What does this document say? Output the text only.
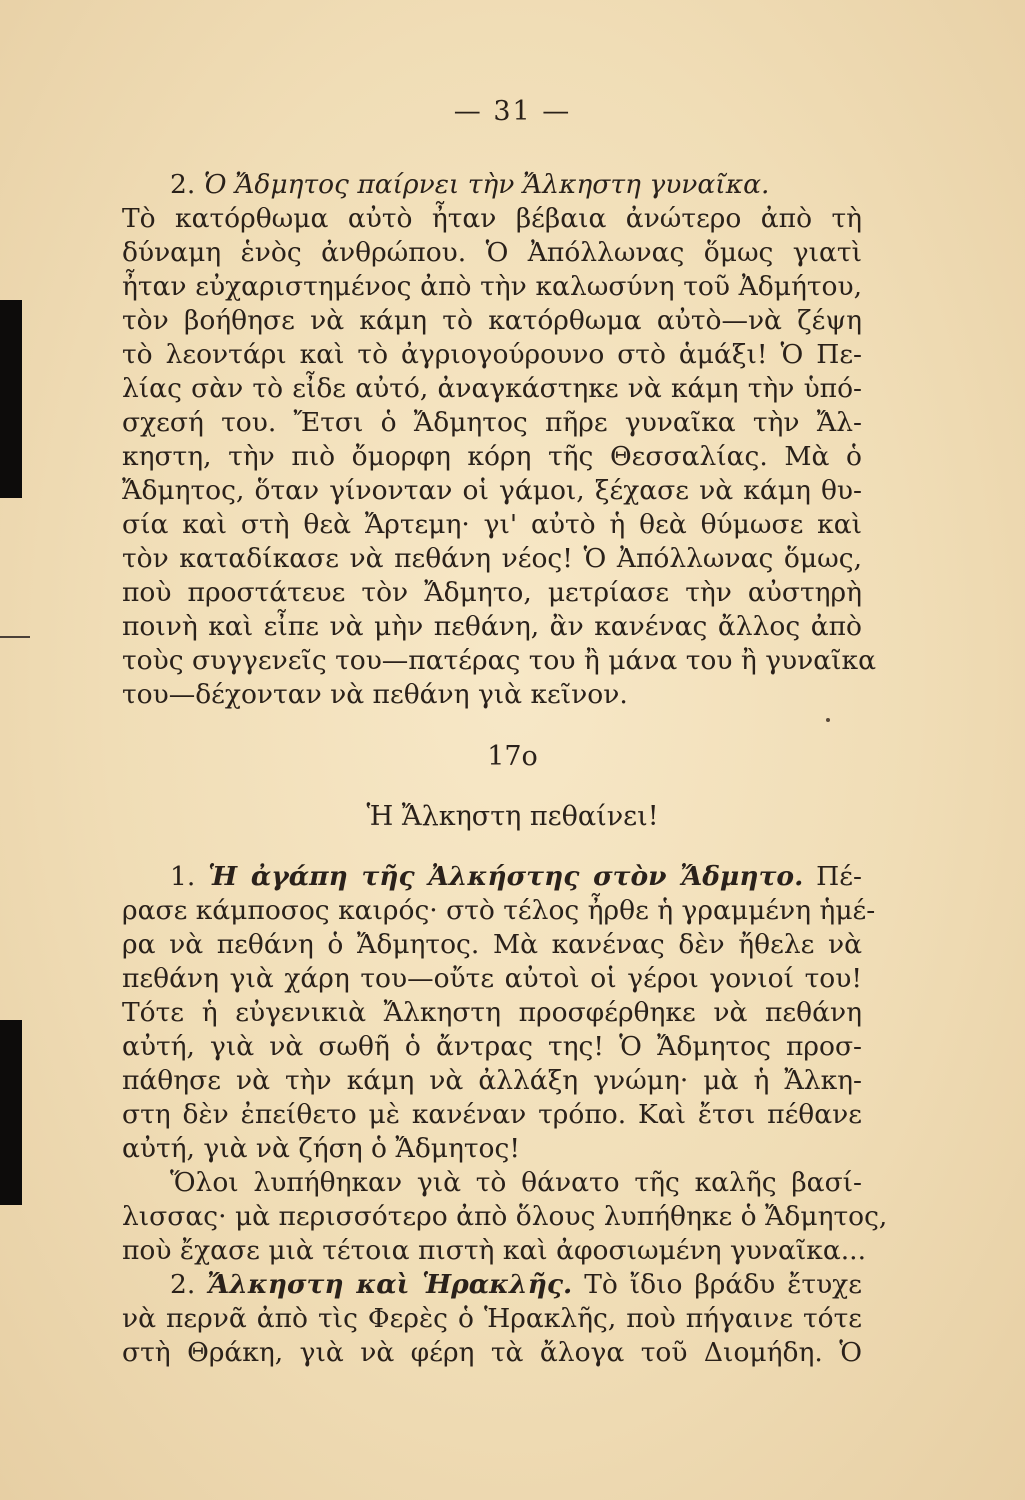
— 31 —
2. Ὁ Ἄδμητος παίρνει τὴν Ἄλκηστη γυναῖκα.
Τὸ κατόρθωμα αὐτὸ ἦταν βέβαια ἀνώτερο ἀπὸ τὴ
δύναμη ἑνὸς ἀνθρώπου. Ὁ Ἀπόλλωνας ὅμως γιατὶ
ἦταν εὐχαριστημένος ἀπὸ τὴν καλωσύνη τοῦ Ἀδμήτου,
τὸν βοήθησε νὰ κάμη τὸ κατόρθωμα αὐτὸ—νὰ ζέψη
τὸ λεοντάρι καὶ τὸ ἀγριογούρουνο στὸ ἁμάξι! Ὁ Πε-
λίας σὰν τὸ εἶδε αὐτό, ἀναγκάστηκε νὰ κάμη τὴν ὑπό-
σχεσή του. Ἔτσι ὁ Ἄδμητος πῆρε γυναῖκα τὴν Ἄλ-
κηστη, τὴν πιὸ ὄμορφη κόρη τῆς Θεσσαλίας. Μὰ ὁ
Ἄδμητος, ὅταν γίνονταν οἱ γάμοι, ξέχασε νὰ κάμη θυ-
σία καὶ στὴ θεὰ Ἄρτεμη· γι' αὐτὸ ἡ θεὰ θύμωσε καὶ
τὸν καταδίκασε νὰ πεθάνη νέος! Ὁ Ἀπόλλωνας ὅμως,
ποὺ προστάτευε τὸν Ἄδμητο, μετρίασε τὴν αὐστηρὴ
ποινὴ καὶ εἶπε νὰ μὴν πεθάνη, ἂν κανένας ἄλλος ἀπὸ
τοὺς συγγενεῖς του—πατέρας του ἢ μάνα του ἢ γυναῖκα
του—δέχονταν νὰ πεθάνη γιὰ κεῖνον.
17ο
Ἡ Ἄλκηστη πεθαίνει!
1. Ἡ ἀγάπη τῆς Ἀλκήστης στὸν Ἄδμητο. Πέ-
ρασε κάμποσος καιρός· στὸ τέλος ἦρθε ἡ γραμμένη ἡμέ-
ρα νὰ πεθάνη ὁ Ἄδμητος. Μὰ κανένας δὲν ἤθελε νὰ
πεθάνη γιὰ χάρη του—οὔτε αὐτοὶ οἱ γέροι γονιοί του!
Τότε ἡ εὐγενικιὰ Ἄλκηστη προσφέρθηκε νὰ πεθάνη
αὐτή, γιὰ νὰ σωθῆ ὁ ἄντρας της! Ὁ Ἄδμητος προσ-
πάθησε νὰ τὴν κάμη νὰ ἀλλάξη γνώμη· μὰ ἡ Ἄλκη-
στη δὲν ἐπείθετο μὲ κανέναν τρόπο. Καὶ ἔτσι πέθανε
αὐτή, γιὰ νὰ ζήση ὁ Ἄδμητος!
Ὅλοι λυπήθηκαν γιὰ τὸ θάνατο τῆς καλῆς βασί-
λισσας· μὰ περισσότερο ἀπὸ ὅλους λυπήθηκε ὁ Ἄδμητος,
ποὺ ἔχασε μιὰ τέτοια πιστὴ καὶ ἀφοσιωμένη γυναῖκα...
2. Ἄλκηστη καὶ Ἡρακλῆς. Τὸ ἴδιο βράδυ ἔτυχε
νὰ περνᾶ ἀπὸ τὶς Φερὲς ὁ Ἡρακλῆς, ποὺ πήγαινε τότε
στὴ Θράκη, γιὰ νὰ φέρη τὰ ἄλογα τοῦ Διομήδη. Ὁ
